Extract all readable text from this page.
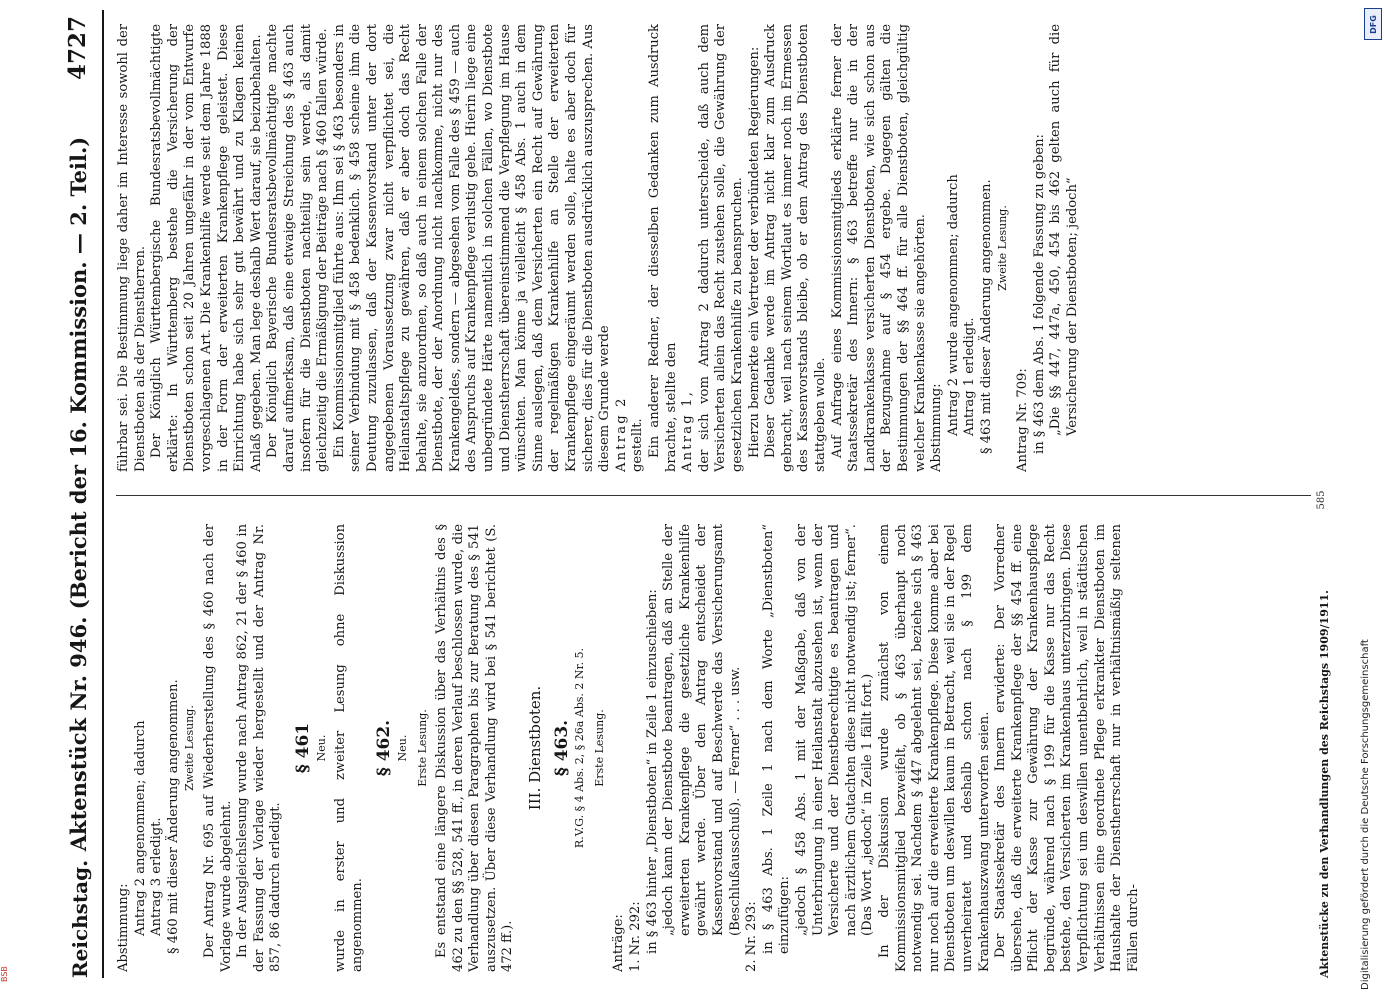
Reichstag.
Aktenstück Nr. 946. (Bericht der 16. Kommission. — 2. Teil.)
4727

Abstimmung: Antrag 2 angenommen; dadurch Antrag 3 erledigt. § 460 mit dieser Änderung angenommen. Zweite Lesung. Der Antrag Nr. 695 auf Wiederherstellung des § 460 nach der Vorlage wurde abgelehnt. In der Ausgleichslesung wurde nach Antrag 862, 21 der § 460 in der Fassung der Vorlage wieder hergestellt und der Antrag Nr. 857, 86 dadurch erledigt.

§ 461 Neu. wurde in erster und zweiter Lesung ohne Diskussion angenommen.

§ 462. Neu. Erste Lesung. Es entstand eine längere Diskussion über das Verhältnis des § 462 zu den §§ 528, 541 ff., in deren Verlauf beschlossen wurde, die Verhandlung über diesen Paragraphen bis zur Beratung des § 541 auszusetzen. Über diese Verhandlung wird bei § 541 berichtet (S. 472 ff.).

III. Dienstboten. § 463. R.V.G. § 4 Abs. 2, § 26a Abs. 2 Nr. 5. Erste Lesung.

Anträge: 1. Nr. 292: in § 463 hinter „Dienstboten“ in Zeile 1 einzuschieben: „jedoch kann der Dienstbote beantragen, daß an Stelle der erweiterten Krankenpflege die gesetzliche Krankenhilfe gewährt werde. Über den Antrag entscheidet der Kassenvorstand und auf Beschwerde das Versicherungsamt (Beschlußausschuß). — Ferner“ . . . usw.

2. Nr. 293: in § 463 Abs. 1 Zeile 1 nach dem Worte „Dienstboten“ einzufügen: „jedoch § 458 Abs. 1 mit der Maßgabe, daß von der Unterbringung in einer Heilanstalt abzusehen ist, wenn der Versicherte und der Dienstberechtigte es beantragen und nach ärztlichem Gutachten diese nicht notwendig ist; ferner“. (Das Wort „jedoch“ in Zeile 1 fällt fort.) In der Diskussion wurde zunächst von einem Kommissionsmitglied bezweifelt, ob § 463 überhaupt noch notwendig sei. Nachdem § 447 abgelehnt sei, beziehe sich § 463 nur noch auf die erweiterte Krankenpflege. Diese komme aber bei Dienstboten um deswillen kaum in Betracht, weil sie in der Regel unverheiratet und deshalb schon nach § 199 dem Krankenhauszwang unterworfen seien. Der Staatssekretär des Innern erwiderte: Der Vorredner übersehe, daß die erweiterte Krankenpflege der §§ 454 ff. eine Pflicht der Kasse zur Gewährung der Krankenhauspflege begründe, während nach § 199 für die Kasse nur das Recht bestehe, den Versicherten im Krankenhaus unterzubringen. Diese Verpflichtung sei um deswillen unentbehrlich, weil in städtischen Verhältnissen eine geordnete Pflege erkrankter Dienstboten im Haushalte der Dienstherrschaft nur in verhältnismäßig seltenen Fällen durch-

führbar sei. Die Bestimmung liege daher im Interesse sowohl der Dienstboten als der Dienstherren. Der Königlich Württembergische Bundesratsbevollmächtigte erklärte: In Württemberg bestehe die Versicherung der Dienstboten schon seit 20 Jahren ungefähr in der vom Entwurfe vorgeschlagenen Art. Die Krankenhilfe werde seit dem Jahre 1888 in der Form der erweiterten Krankenpflege geleistet. Diese Einrichtung habe sich sehr gut bewährt und zu Klagen keinen Anlaß gegeben. Man lege deshalb Wert darauf, sie beizubehalten. Der Königlich Bayerische Bundesratsbevollmächtigte machte darauf aufmerksam, daß eine etwaige Streichung des § 463 auch insofern für die Dienstboten nachteilig sein werde, als damit gleichzeitig die Ermäßigung der Beiträge nach § 460 fallen würde. Ein Kommissionsmitglied führte aus: Ihm sei § 463 besonders in seiner Verbindung mit § 458 bedenklich. § 458 scheine ihm die Deutung zuzulassen, daß der Kassenvorstand unter der dort angegebenen Voraussetzung zwar nicht verpflichtet sei, die Heilanstaltspflege zu gewähren, daß er aber doch das Recht behalte, sie anzuordnen, so daß auch in einem solchen Falle der Dienstbote, der der Anordnung nicht nachkomme, nicht nur des Krankengeldes, sondern — abgesehen vom Falle des § 459 — auch des Anspruchs auf Krankenpflege verlustig gehe. Hierin liege eine unbegründete Härte namentlich in solchen Fällen, wo Dienstbote und Dienstherrschaft übereinstimmend die Verpflegung im Hause wünschten. Man könne ja vielleicht § 458 Abs. 1 auch in dem Sinne auslegen, daß dem Versicherten ein Recht auf Gewährung der regelmäßigen Krankenhilfe an Stelle der erweiterten Krankenpflege eingeräumt werden solle, halte es aber doch für sicherer, dies für die Dienstboten ausdrücklich auszusprechen. Aus diesem Grunde werde Antrag 2 gestellt. Ein anderer Redner, der diesselben Gedanken zum Ausdruck brachte, stellte den Antrag 1, der sich vom Antrag 2 dadurch unterscheide, daß auch dem Versicherten allein das Recht zustehen solle, die Gewährung der gesetzlichen Krankenhilfe zu beanspruchen. Hierzu bemerkte ein Vertreter der verbündeten Regierungen: Dieser Gedanke werde im Antrag nicht klar zum Ausdruck gebracht, weil nach seinem Wortlaut es immer noch im Ermessen des Kassenvorstands bleibe, ob er dem Antrag des Dienstboten stattgeben wolle. Auf Anfrage eines Kommissionsmitglieds erklärte ferner der Staatssekretär des Innern: § 463 betreffe nur die in der Landkrankenkasse versicherten Dienstboten, wie sich schon aus der Bezugnahme auf § 454 ergebe. Dagegen gälten die Bestimmungen der §§ 464 ff. für alle Dienstboten, gleichgültig welcher Krankenkasse sie angehörten. Abstimmung: Antrag 2 wurde angenommen; dadurch Antrag 1 erledigt. § 463 mit dieser Änderung angenommen. Zweite Lesung.

Antrag Nr. 709: in § 463 dem Abs. 1 folgende Fassung zu geben: „Die §§ 447, 447a, 450, 454 bis 462 gelten auch für die Versicherung der Dienstboten; jedoch“

Aktenstücke zu den Verhandlungen des Reichstags 1909/1911.
585
Digitalisierung gefördert durch die Deutsche Forschungsgemeinschaft
DFG
BSB
